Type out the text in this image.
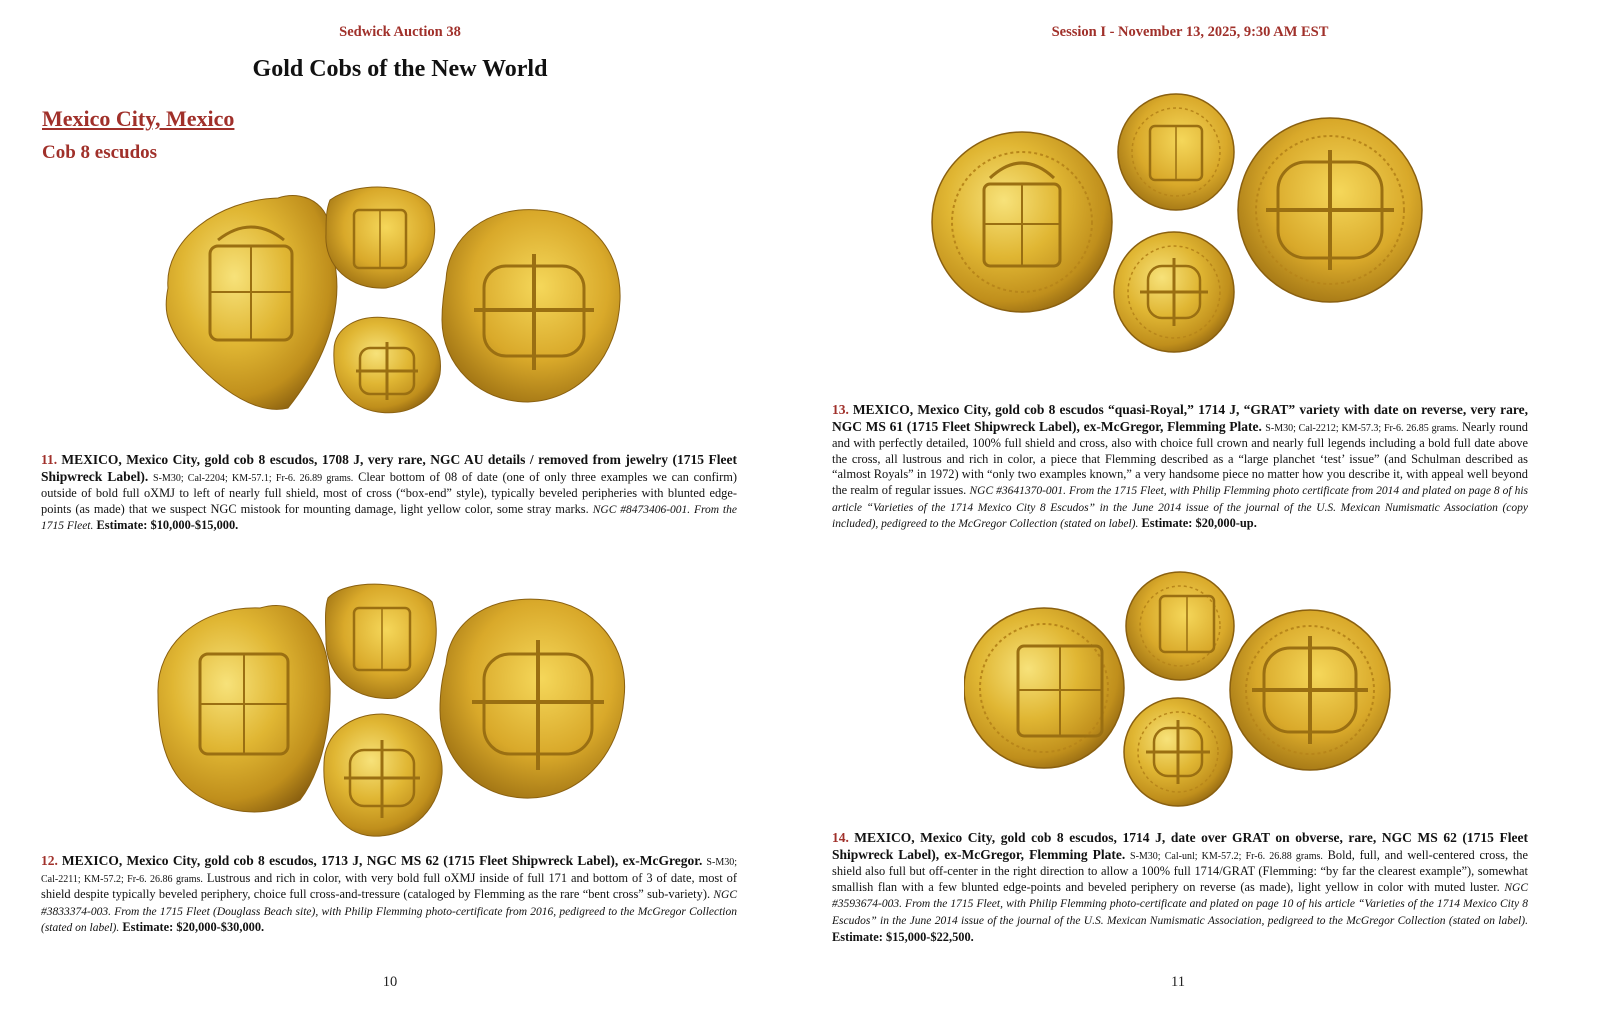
Sedwick Auction 38
Gold Cobs of the New World
Mexico City, Mexico
Cob 8 escudos
11. MEXICO, Mexico City, gold cob 8 escudos, 1708 J, very rare, NGC AU details / removed from jewelry (1715 Fleet Shipwreck Label). S-M30; Cal-2204; KM-57.1; Fr-6. 26.89 grams. Clear bottom of 08 of date (one of only three examples we can confirm) outside of bold full oXMJ to left of nearly full shield, most of cross (“box-end” style), typically beveled peripheries with blunted edge-points (as made) that we suspect NGC mistook for mounting damage, light yellow color, some stray marks. NGC #8473406-001. From the 1715 Fleet. Estimate: $10,000-$15,000.
12. MEXICO, Mexico City, gold cob 8 escudos, 1713 J, NGC MS 62 (1715 Fleet Shipwreck Label), ex-McGregor. S-M30; Cal-2211; KM-57.2; Fr-6. 26.86 grams. Lustrous and rich in color, with very bold full oXMJ inside of full 171 and bottom of 3 of date, most of shield despite typically beveled periphery, choice full cross-and-tressure (cataloged by Flemming as the rare “bent cross” sub-variety). NGC #3833374-003. From the 1715 Fleet (Douglass Beach site), with Philip Flemming photo-certificate from 2016, pedigreed to the McGregor Collection (stated on label). Estimate: $20,000-$30,000.
10
Session I - November 13, 2025, 9:30 AM EST
13. MEXICO, Mexico City, gold cob 8 escudos “quasi-Royal,” 1714 J, “GRAT” variety with date on reverse, very rare, NGC MS 61 (1715 Fleet Shipwreck Label), ex-McGregor, Flemming Plate. S-M30; Cal-2212; KM-57.3; Fr-6. 26.85 grams. Nearly round and with perfectly detailed, 100% full shield and cross, also with choice full crown and nearly full legends including a bold full date above the cross, all lustrous and rich in color, a piece that Flemming described as a “large planchet ‘test’ issue” (and Schulman described as “almost Royals” in 1972) with “only two examples known,” a very handsome piece no matter how you describe it, with appeal well beyond the realm of regular issues. NGC #3641370-001. From the 1715 Fleet, with Philip Flemming photo certificate from 2014 and plated on page 8 of his article “Varieties of the 1714 Mexico City 8 Escudos” in the June 2014 issue of the journal of the U.S. Mexican Numismatic Association (copy included), pedigreed to the McGregor Collection (stated on label). Estimate: $20,000-up.
14. MEXICO, Mexico City, gold cob 8 escudos, 1714 J, date over GRAT on obverse, rare, NGC MS 62 (1715 Fleet Shipwreck Label), ex-McGregor, Flemming Plate. S-M30; Cal-unl; KM-57.2; Fr-6. 26.88 grams. Bold, full, and well-centered cross, the shield also full but off-center in the right direction to allow a 100% full 1714/GRAT (Flemming: “by far the clearest example”), somewhat smallish flan with a few blunted edge-points and beveled periphery on reverse (as made), light yellow in color with muted luster. NGC #3593674-003. From the 1715 Fleet, with Philip Flemming photo-certificate and plated on page 10 of his article “Varieties of the 1714 Mexico City 8 Escudos” in the June 2014 issue of the journal of the U.S. Mexican Numismatic Association, pedigreed to the McGregor Collection (stated on label). Estimate: $15,000-$22,500.
11
